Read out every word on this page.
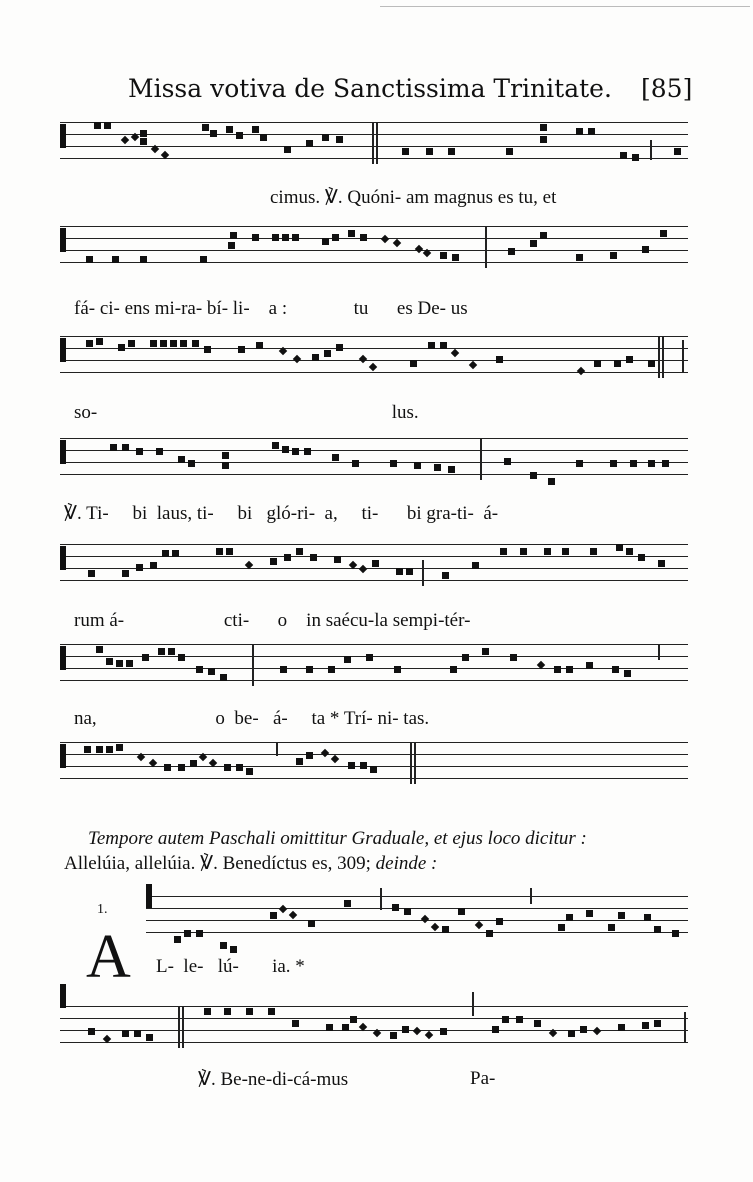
Missa votiva de Sanctissima Trinitate. [85]
cimus. ℣. Quóni- am magnus es tu, et
fá- ci- ens mi-ra- bí- li-    a :              tu      es De- us
so-                                                              lus.
℣. Ti-     bi  laus, ti-     bi   gló-ri-  a,     ti-      bi gra-ti-  á-
rum á-                     cti-      o    in saécu-la sempi-tér-
na,                         o  be-   á-     ta * Trí- ni- tas.
Tempore autem Paschali omittitur Graduale, et ejus loco dicitur :
Allelúia, allelúia. ℣. Benedíctus es, 309; deinde :
1.
A L-  le-   lú-       ia. *
℣. Be-ne-di-cá-mus	Pa-
